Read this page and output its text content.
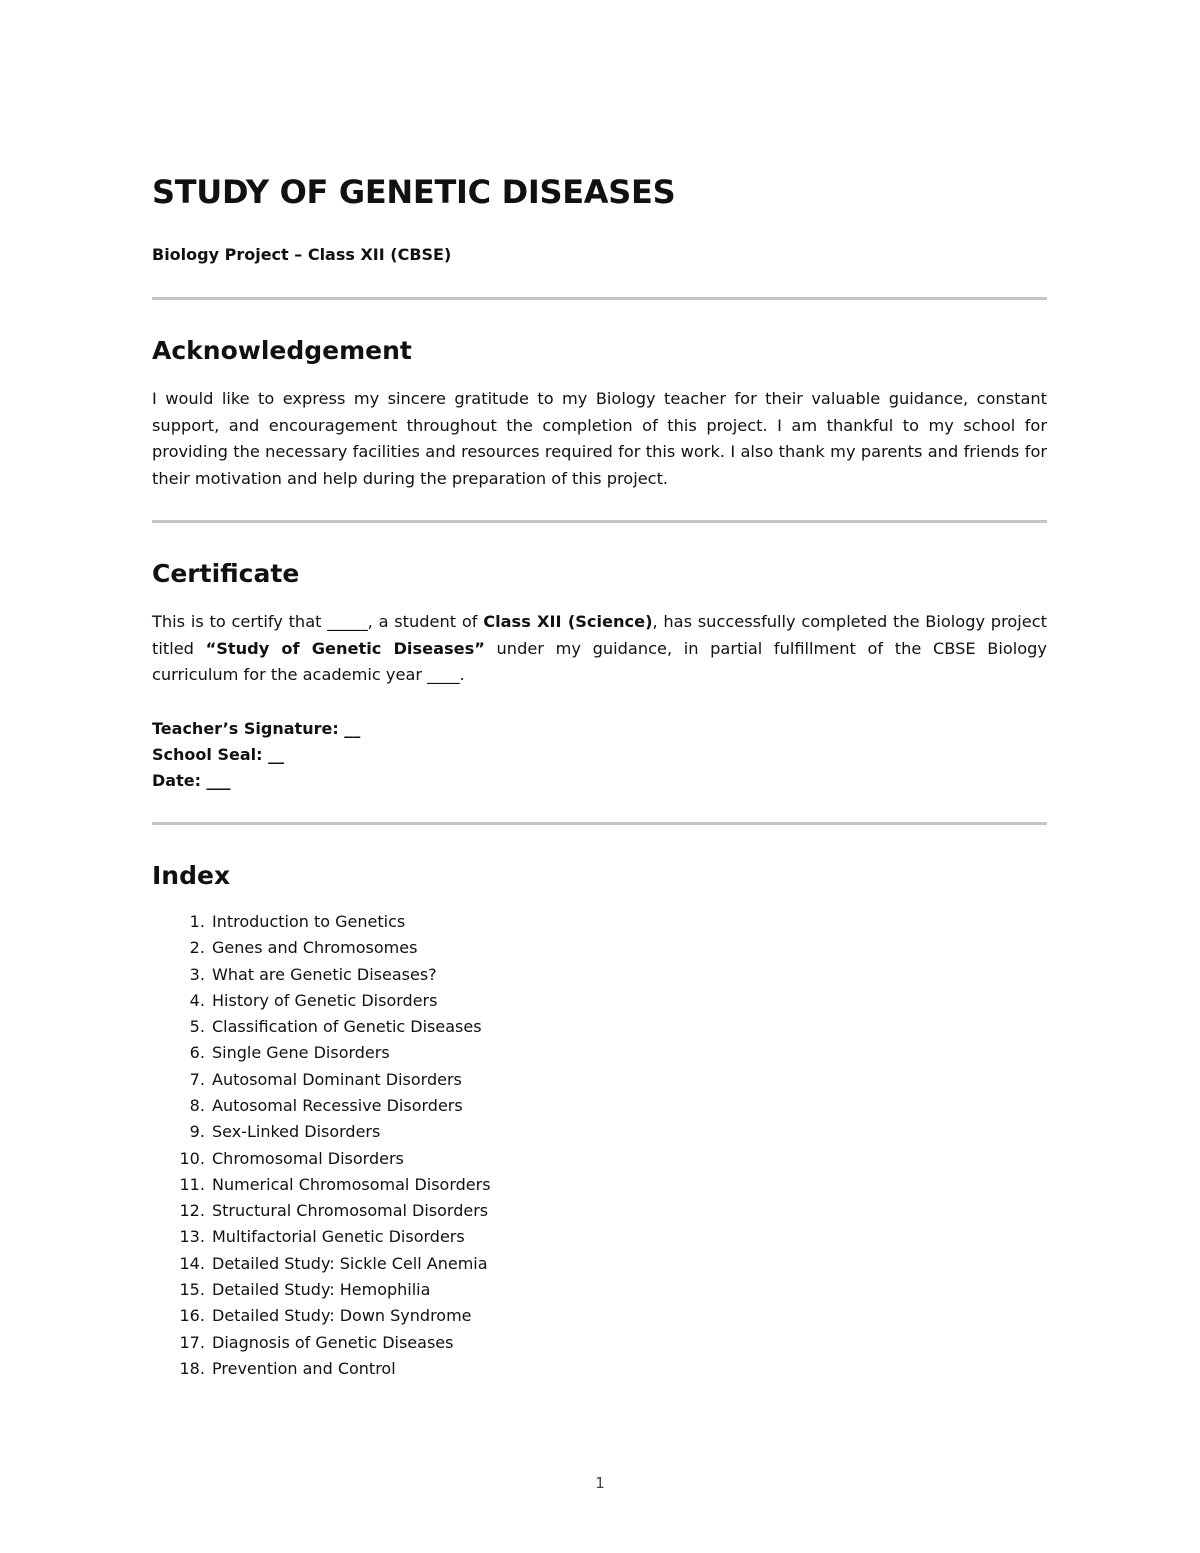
STUDY OF GENETIC DISEASES
Biology Project – Class XII (CBSE)
Acknowledgement

I would like to express my sincere gratitude to my Biology teacher for their valuable guidance, constant support, and encouragement throughout the completion of this project. I am thankful to my school for providing the necessary facilities and resources required for this work. I also thank my parents and friends for their motivation and help during the preparation of this project.

Certificate

This is to certify that _____, a student of Class XII (Science), has successfully completed the Biology project titled “Study of Genetic Diseases” under my guidance, in partial fulfillment of the CBSE Biology curriculum for the academic year ____.

Teacher’s Signature: __
School Seal: __
Date: ___
Index
1. Introduction to Genetics
2. Genes and Chromosomes
3. What are Genetic Diseases?
4. History of Genetic Disorders
5. Classification of Genetic Diseases
6. Single Gene Disorders
7. Autosomal Dominant Disorders
8. Autosomal Recessive Disorders
9. Sex-Linked Disorders
10. Chromosomal Disorders
11. Numerical Chromosomal Disorders
12. Structural Chromosomal Disorders
13. Multifactorial Genetic Disorders
14. Detailed Study: Sickle Cell Anemia
15. Detailed Study: Hemophilia
16. Detailed Study: Down Syndrome
17. Diagnosis of Genetic Diseases
18. Prevention and Control
1
